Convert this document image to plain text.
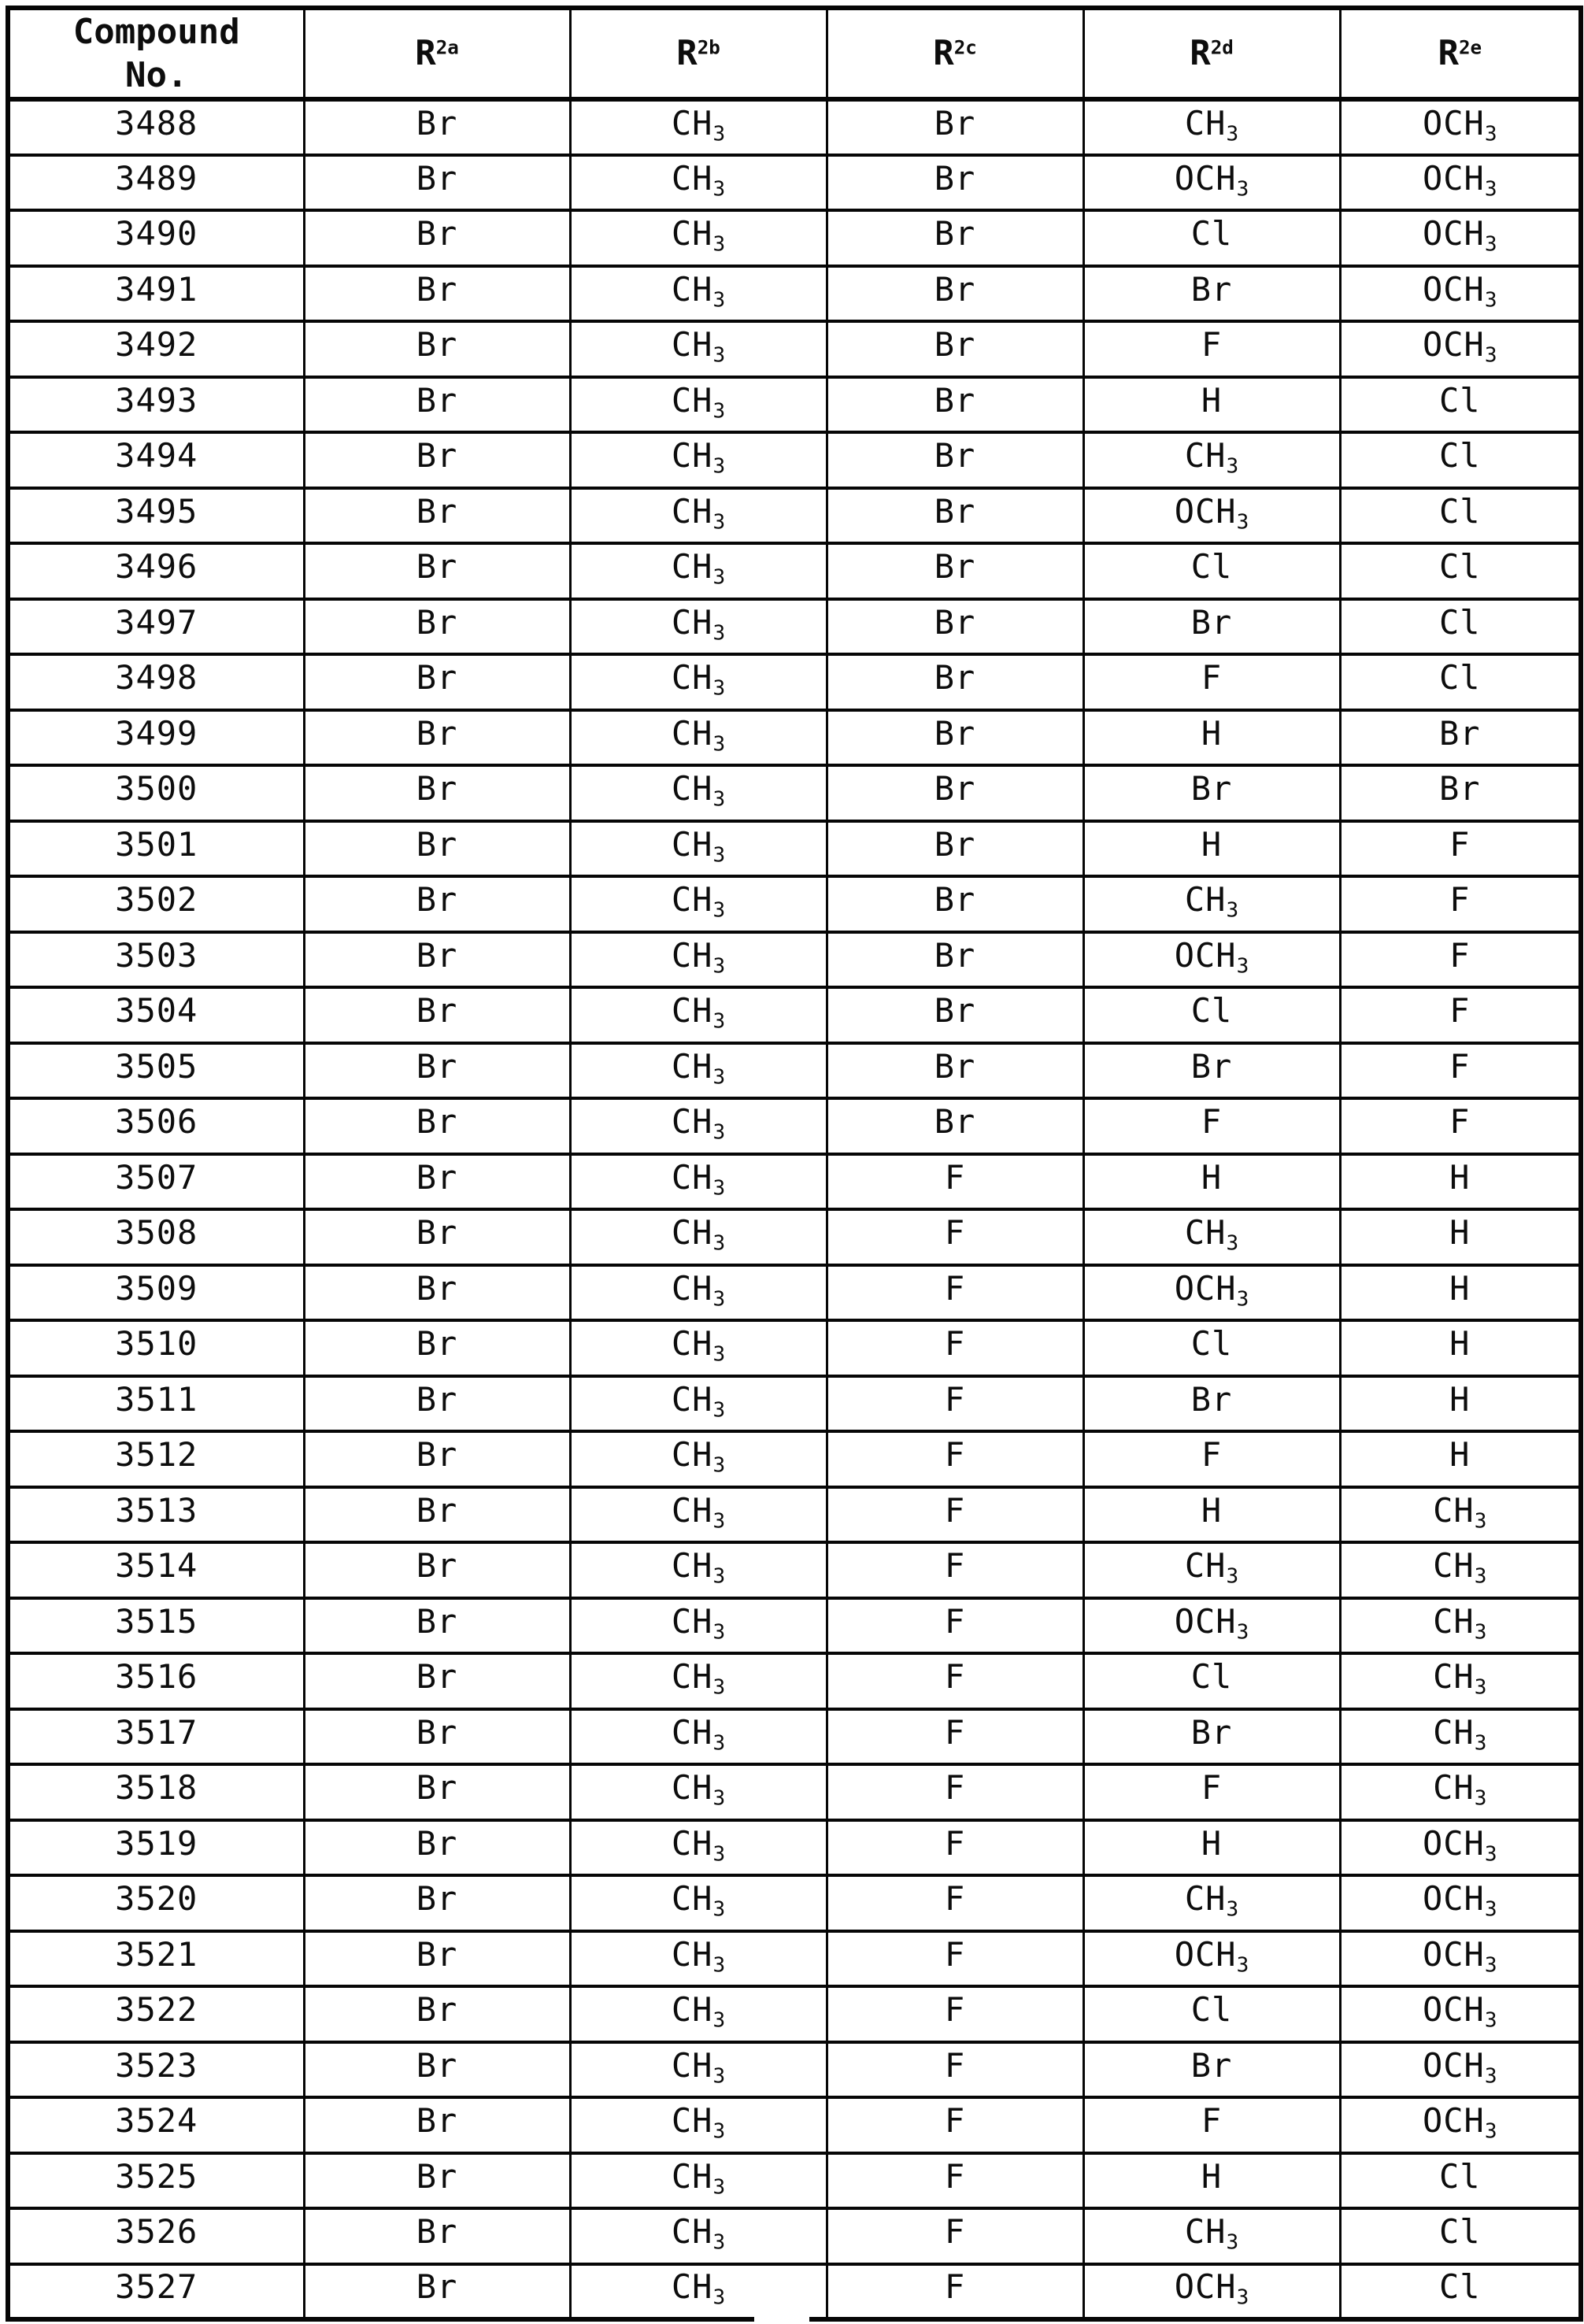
Compound
No.	$R^{2a}$	$R^{2b}$	$R^{2c}$	$R^{2d}$	$R^{2e}$
3488	Br	$CH_3$	Br	$CH_3$	$OCH_3$
3489	Br	$CH_3$	Br	$OCH_3$	$OCH_3$
3490	Br	$CH_3$	Br	Cl	$OCH_3$
3491	Br	$CH_3$	Br	Br	$OCH_3$
3492	Br	$CH_3$	Br	F	$OCH_3$
3493	Br	$CH_3$	Br	H	Cl
3494	Br	$CH_3$	Br	$CH_3$	Cl
3495	Br	$CH_3$	Br	$OCH_3$	Cl
3496	Br	$CH_3$	Br	Cl	Cl
3497	Br	$CH_3$	Br	Br	Cl
3498	Br	$CH_3$	Br	F	Cl
3499	Br	$CH_3$	Br	H	Br
3500	Br	$CH_3$	Br	Br	Br
3501	Br	$CH_3$	Br	H	F
3502	Br	$CH_3$	Br	$CH_3$	F
3503	Br	$CH_3$	Br	$OCH_3$	F
3504	Br	$CH_3$	Br	Cl	F
3505	Br	$CH_3$	Br	Br	F
3506	Br	$CH_3$	Br	F	F
3507	Br	$CH_3$	F	H	H
3508	Br	$CH_3$	F	$CH_3$	H
3509	Br	$CH_3$	F	$OCH_3$	H
3510	Br	$CH_3$	F	Cl	H
3511	Br	$CH_3$	F	Br	H
3512	Br	$CH_3$	F	F	H
3513	Br	$CH_3$	F	H	$CH_3$
3514	Br	$CH_3$	F	$CH_3$	$CH_3$
3515	Br	$CH_3$	F	$OCH_3$	$CH_3$
3516	Br	$CH_3$	F	Cl	$CH_3$
3517	Br	$CH_3$	F	Br	$CH_3$
3518	Br	$CH_3$	F	F	$CH_3$
3519	Br	$CH_3$	F	H	$OCH_3$
3520	Br	$CH_3$	F	$CH_3$	$OCH_3$
3521	Br	$CH_3$	F	$OCH_3$	$OCH_3$
3522	Br	$CH_3$	F	Cl	$OCH_3$
3523	Br	$CH_3$	F	Br	$OCH_3$
3524	Br	$CH_3$	F	F	$OCH_3$
3525	Br	$CH_3$	F	H	Cl
3526	Br	$CH_3$	F	$CH_3$	Cl
3527	Br	$CH_3$	F	$OCH_3$	Cl
